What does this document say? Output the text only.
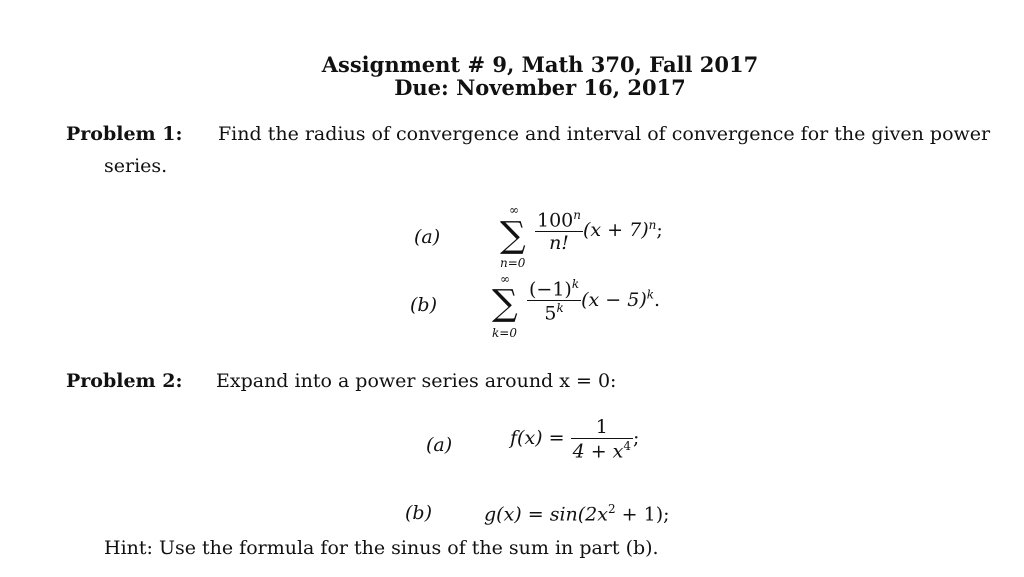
Assignment # 9, Math 370, Fall 2017
Due: November 16, 2017
Problem 1: Find the radius of convergence and interval of convergence for the given power
series.
(a)
∞
∑
n=0
$\frac{100^n}{n!} (x + 7)^n$;
(b)
∞
∑
k=0
$\frac{(-1)^k}{5^k} (x - 5)^k$.
Problem 2: Expand into a power series around x = 0:
(a)	$f(x) = \frac{1}{4 + x^4}$ ;
(b)	$g(x) = \sin(2x^2 + 1)$;
Hint: Use the formula for the sinus of the sum in part (b).
